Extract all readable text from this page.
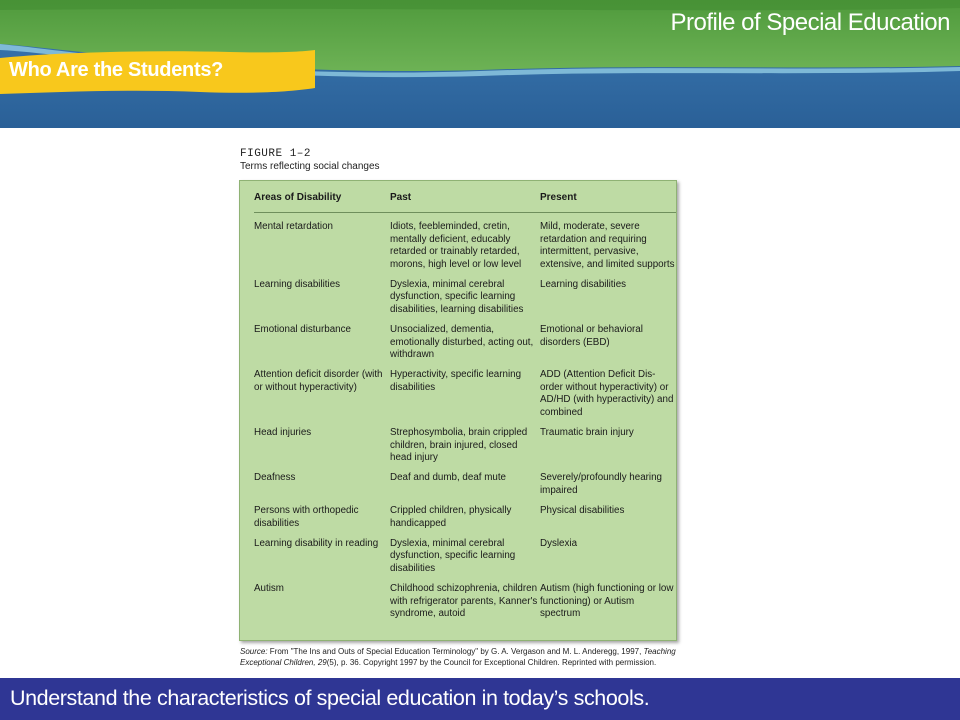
Profile of Special Education
Who Are the Students?
FIGURE 1–2
Terms reflecting social changes
Areas of Disability	Past	Present
Mental retardation	Idiots, feebleminded, cretin, mentally deficient, educably retarded or trainably retarded, morons, high level or low level	Mild, moderate, severe retardation and requiring intermittent, pervasive, extensive, and limited supports
Learning disabilities	Dyslexia, minimal cerebral dysfunction, specific learning disabilities, learning disabilities	Learning disabilities
Emotional disturbance	Unsocialized, dementia, emotionally disturbed, acting out, withdrawn	Emotional or behavioral disorders (EBD)
Attention deficit disorder (with or without hyperactivity)	Hyperactivity, specific learning disabilities	ADD (Attention Deficit Dis-order without hyperactivity) or AD/HD (with hyperactivity) and combined
Head injuries	Strephosymbolia, brain crippled children, brain injured, closed head injury	Traumatic brain injury
Deafness	Deaf and dumb, deaf mute	Severely/profoundly hearing impaired
Persons with orthopedic disabilities	Crippled children, physically handicapped	Physical disabilities
Learning disability in reading	Dyslexia, minimal cerebral dysfunction, specific learning disabilities	Dyslexia
Autism	Childhood schizophrenia, children with refrigerator parents, Kanner's syndrome, autoid	Autism (high functioning or low functioning) or Autism spectrum
Source: From "The Ins and Outs of Special Education Terminology" by G. A. Vergason and M. L. Anderegg, 1997, Teaching Exceptional Children, 29(5), p. 36. Copyright 1997 by the Council for Exceptional Children. Reprinted with permission.
Understand the characteristics of special education in today’s schools.
